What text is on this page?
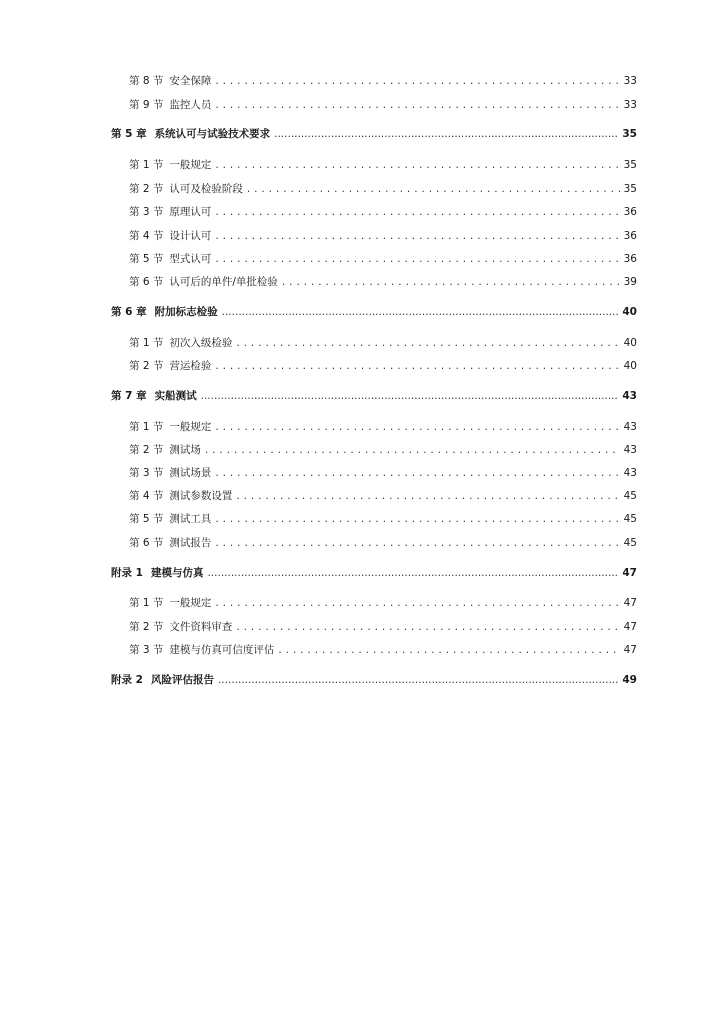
第 8 节 安全保障 . . .	33
第 9 节 监控人员 . . .	33
第 5 章 系统认可与试验技术要求 .....	35
第 1 节 一般规定 . . .	35
第 2 节 认可及检验阶段 . . .	35
第 3 节 原理认可 . . .	36
第 4 节 设计认可 . . .	36
第 5 节 型式认可 . . .	36
第 6 节 认可后的单件/单批检验 . . .	39
第 6 章 附加标志检验 .....	40
第 1 节 初次入级检验 . . .	40
第 2 节 营运检验 . . .	40
第 7 章 实船测试 .....	43
第 1 节 一般规定 . . .	43
第 2 节 测试场 . . .	43
第 3 节 测试场景 . . .	43
第 4 节 测试参数设置 . . .	45
第 5 节 测试工具 . . .	45
第 6 节 测试报告 . . .	45
附录 1 建模与仿真 .....	47
第 1 节 一般规定 . . .	47
第 2 节 文件资料审查 . . .	47
第 3 节 建模与仿真可信度评估 . . .	47
附录 2 风险评估报告 .....	49
